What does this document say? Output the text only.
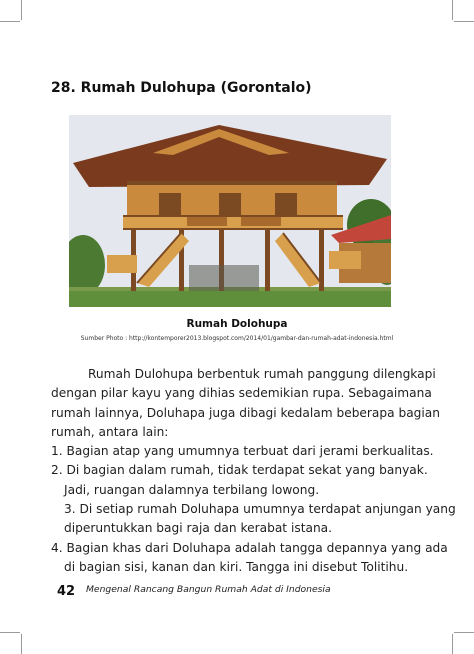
28. Rumah Dulohupa (Gorontalo)
Rumah Dolohupa
Sumber Photo : http://kontemporer2013.blogspot.com/2014/01/gambar-dan-rumah-adat-indonesia.html

Rumah Dulohupa berbentuk rumah panggung dilengkapi

dengan pilar kayu yang dihias sedemikian rupa. Sebagaimana

rumah lainnya, Doluhapa juga dibagi kedalam beberapa bagian

rumah, antara lain:

1. Bagian atap yang umumnya terbuat dari jerami berkualitas.
2. Di bagian dalam rumah, tidak terdapat sekat yang banyak.
Jadi, ruangan dalamnya terbilang lowong.
3. Di setiap rumah Doluhapa umumnya terdapat anjungan yang
diperuntukkan bagi raja dan kerabat istana.
4. Bagian khas dari Doluhapa adalah tangga depannya yang ada
di bagian sisi, kanan dan kiri. Tangga ini disebut Tolitihu.
42 Mengenal Rancang Bangun Rumah Adat di Indonesia
